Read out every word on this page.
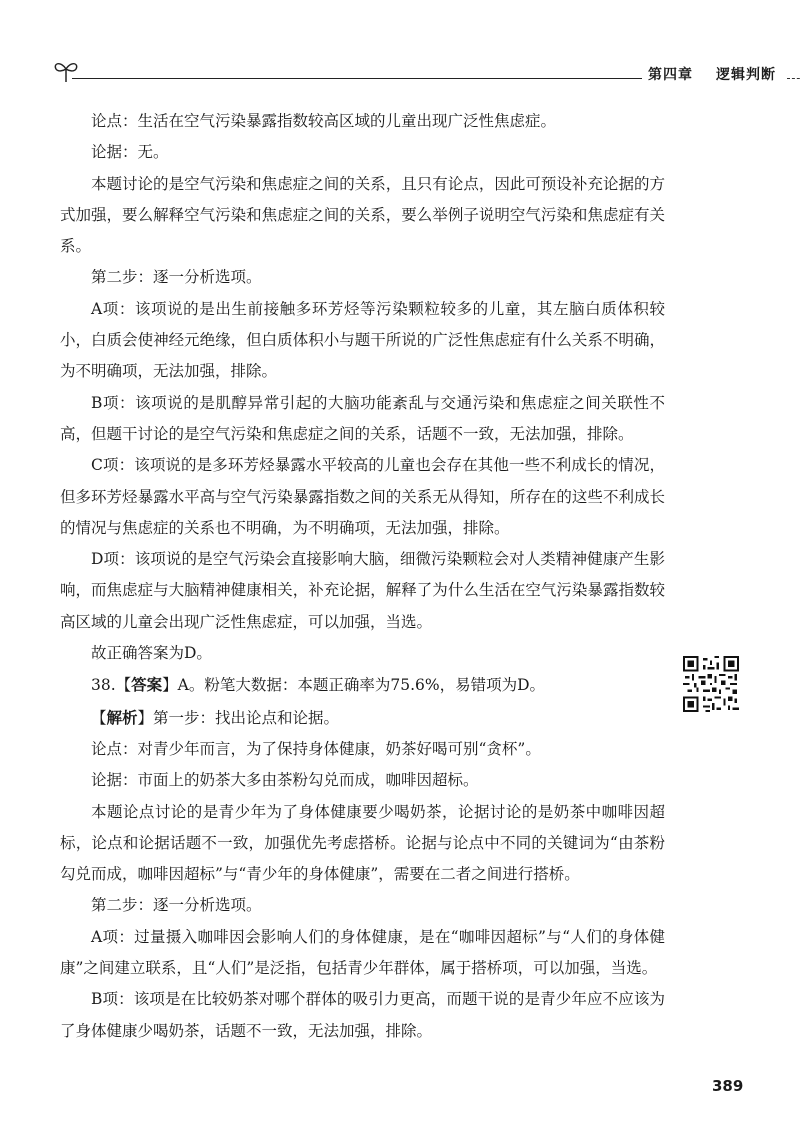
第四章 逻辑判断

论点：生活在空气污染暴露指数较高区域的儿童出现广泛性焦虑症。

论据：无。

本题讨论的是空气污染和焦虑症之间的关系，且只有论点，因此可预设补充论据的方式加强，要么解释空气污染和焦虑症之间的关系，要么举例子说明空气污染和焦虑症有关系。

第二步：逐一分析选项。

A项：该项说的是出生前接触多环芳烃等污染颗粒较多的儿童，其左脑白质体积较小，白质会使神经元绝缘，但白质体积小与题干所说的广泛性焦虑症有什么关系不明确，为不明确项，无法加强，排除。

B项：该项说的是肌醇异常引起的大脑功能紊乱与交通污染和焦虑症之间关联性不高，但题干讨论的是空气污染和焦虑症之间的关系，话题不一致，无法加强，排除。

C项：该项说的是多环芳烃暴露水平较高的儿童也会存在其他一些不利成长的情况，但多环芳烃暴露水平高与空气污染暴露指数之间的关系无从得知，所存在的这些不利成长的情况与焦虑症的关系也不明确，为不明确项，无法加强，排除。

D项：该项说的是空气污染会直接影响大脑，细微污染颗粒会对人类精神健康产生影响，而焦虑症与大脑精神健康相关，补充论据，解释了为什么生活在空气污染暴露指数较高区域的儿童会出现广泛性焦虑症，可以加强，当选。

故正确答案为D。

38.【答案】A。粉笔大数据：本题正确率为75.6%，易错项为D。

【解析】第一步：找出论点和论据。

论点：对青少年而言，为了保持身体健康，奶茶好喝可别“贪杯”。

论据：市面上的奶茶大多由茶粉勾兑而成，咖啡因超标。

本题论点讨论的是青少年为了身体健康要少喝奶茶，论据讨论的是奶茶中咖啡因超标，论点和论据话题不一致，加强优先考虑搭桥。论据与论点中不同的关键词为“由茶粉勾兑而成，咖啡因超标”与“青少年的身体健康”，需要在二者之间进行搭桥。

第二步：逐一分析选项。

A项：过量摄入咖啡因会影响人们的身体健康，是在“咖啡因超标”与“人们的身体健康”之间建立联系，且“人们”是泛指，包括青少年群体，属于搭桥项，可以加强，当选。

B项：该项是在比较奶茶对哪个群体的吸引力更高，而题干说的是青少年应不应该为了身体健康少喝奶茶，话题不一致，无法加强，排除。

389
